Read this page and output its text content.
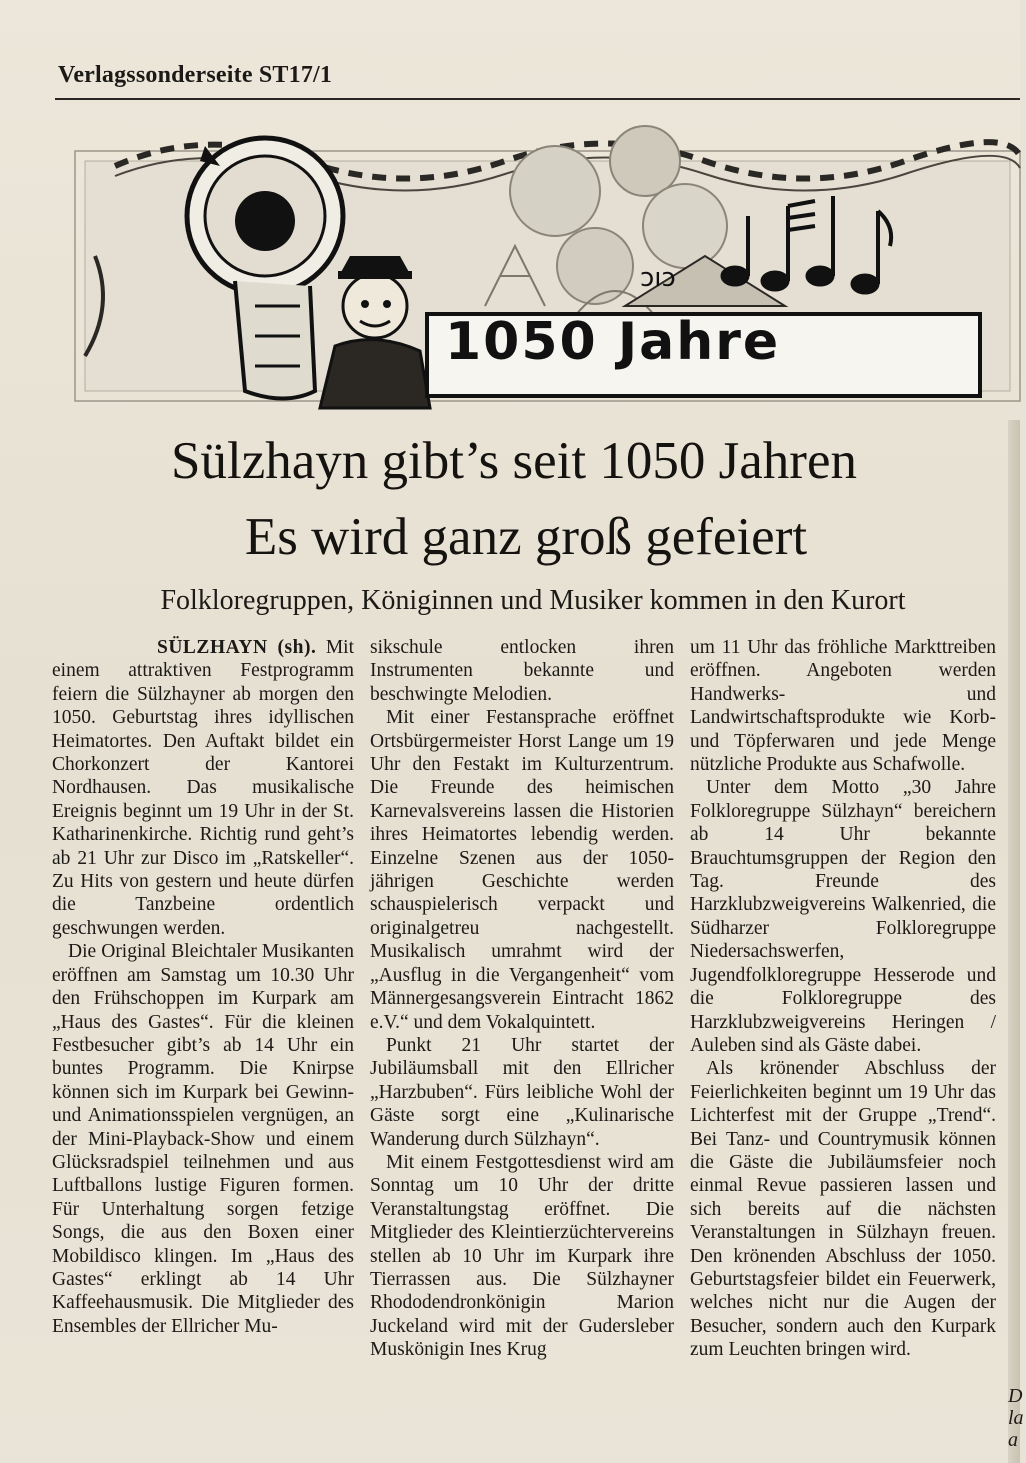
Verlagssonderseite ST17/1
ɔıɔ
1050 Jahre
Sülzhayn gibt’s seit 1050 Jahren
Es wird ganz groß gefeiert
Folkloregruppen, Königinnen und Musiker kommen in den Kurort

SÜLZHAYN (sh). Mit einem attraktiven Festprogramm feiern die Sülzhayner ab morgen den 1050. Geburtstag ihres idyllischen Heimatortes. Den Auftakt bildet ein Chorkonzert der Kantorei Nordhausen. Das musikalische Ereignis beginnt um 19 Uhr in der St. Katharinenkirche. Richtig rund geht’s ab 21 Uhr zur Disco im „Ratskeller“. Zu Hits von gestern und heute dürfen die Tanzbeine ordentlich geschwungen werden.

Die Original Bleichtaler Musikanten eröffnen am Samstag um 10.30 Uhr den Frühschoppen im Kurpark am „Haus des Gastes“. Für die kleinen Festbesucher gibt’s ab 14 Uhr ein buntes Programm. Die Knirpse können sich im Kurpark bei Gewinn- und Animationsspielen vergnügen, an der Mini-Playback-Show und einem Glücksradspiel teilnehmen und aus Luftballons lustige Figuren formen. Für Unterhaltung sorgen fetzige Songs, die aus den Boxen einer Mobildisco klingen. Im „Haus des Gastes“ erklingt ab 14 Uhr Kaffeehausmusik. Die Mitglieder des Ensembles der Ellricher Mu-

sikschule entlocken ihren Instrumenten bekannte und beschwingte Melodien.

Mit einer Festansprache eröffnet Ortsbürgermeister Horst Lange um 19 Uhr den Festakt im Kulturzentrum. Die Freunde des heimischen Karnevalsvereins lassen die Historien ihres Heimatortes lebendig werden. Einzelne Szenen aus der 1050-jährigen Geschichte werden schauspielerisch verpackt und originalgetreu nachgestellt. Musikalisch umrahmt wird der „Ausflug in die Vergangenheit“ vom Männergesangsverein Eintracht 1862 e.V.“ und dem Vokalquintett.

Punkt 21 Uhr startet der Jubiläumsball mit den Ellricher „Harzbuben“. Fürs leibliche Wohl der Gäste sorgt eine „Kulinarische Wanderung durch Sülzhayn“.

Mit einem Festgottesdienst wird am Sonntag um 10 Uhr der dritte Veranstaltungstag eröffnet. Die Mitglieder des Kleintierzüchtervereins stellen ab 10 Uhr im Kurpark ihre Tierrassen aus. Die Sülzhayner Rhododendronkönigin Marion Juckeland wird mit der Gudersleber Muskönigin Ines Krug

um 11 Uhr das fröhliche Markttreiben eröffnen. Angeboten werden Handwerks- und Landwirtschaftsprodukte wie Korb- und Töpferwaren und jede Menge nützliche Produkte aus Schafwolle.

Unter dem Motto „30 Jahre Folkloregruppe Sülzhayn“ bereichern ab 14 Uhr bekannte Brauchtumsgruppen der Region den Tag. Freunde des Harzklubzweigvereins Walkenried, die Südharzer Folkloregruppe Niedersachswerfen, Jugendfolkloregruppe Hesserode und die Folkloregruppe des Harzklubzweigvereins Heringen / Auleben sind als Gäste dabei.

Als krönender Abschluss der Feierlichkeiten beginnt um 19 Uhr das Lichterfest mit der Gruppe „Trend“. Bei Tanz- und Countrymusik können die Gäste die Jubiläumsfeier noch einmal Revue passieren lassen und sich bereits auf die nächsten Veranstaltungen in Sülzhayn freuen. Den krönenden Abschluss der 1050. Geburtstagsfeier bildet ein Feuerwerk, welches nicht nur die Augen der Besucher, sondern auch den Kurpark zum Leuchten bringen wird.

D
la
a
